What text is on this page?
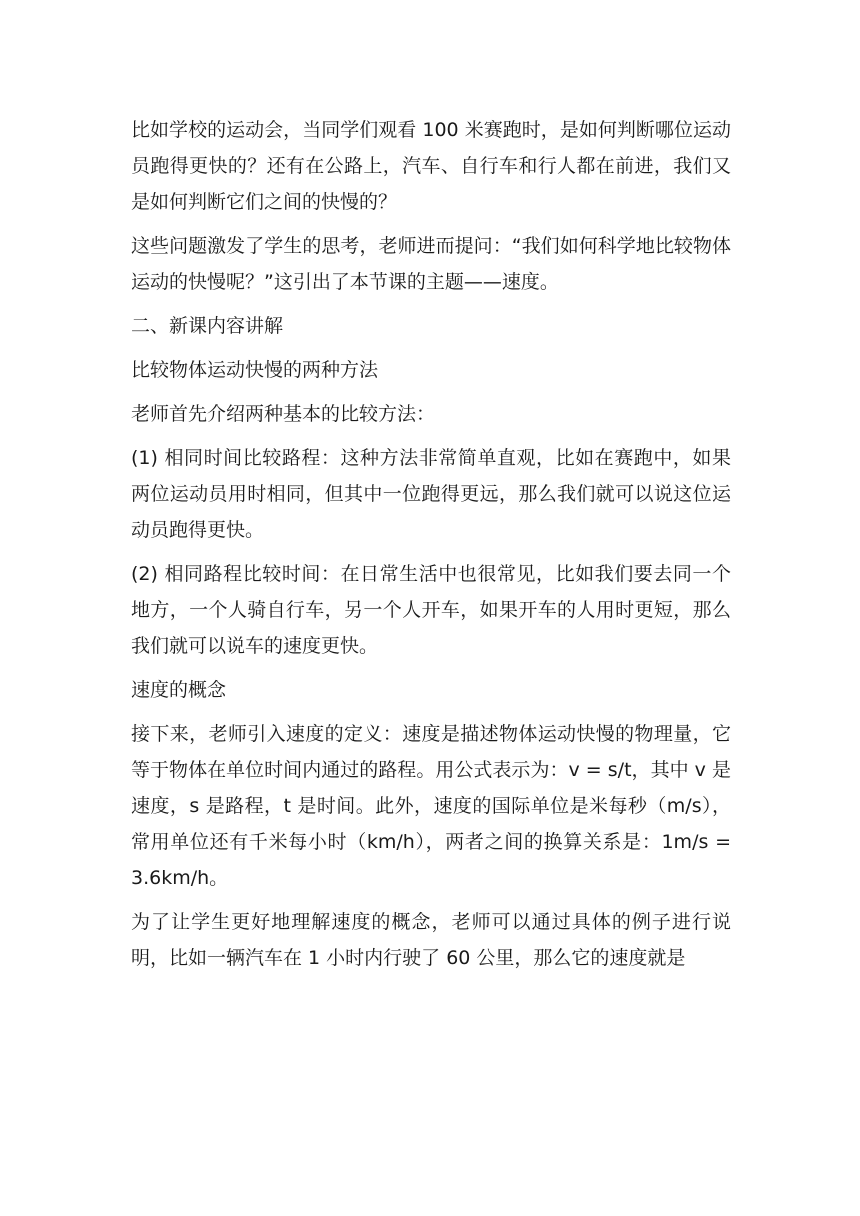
比如学校的运动会，当同学们观看 100 米赛跑时，是如何判断哪位运动员跑得更快的？还有在公路上，汽车、自行车和行人都在前进，我们又是如何判断它们之间的快慢的？

这些问题激发了学生的思考，老师进而提问：“我们如何科学地比较物体运动的快慢呢？”这引出了本节课的主题——速度。

二、新课内容讲解

比较物体运动快慢的两种方法

老师首先介绍两种基本的比较方法：

(1) 相同时间比较路程：这种方法非常简单直观，比如在赛跑中，如果两位运动员用时相同，但其中一位跑得更远，那么我们就可以说这位运动员跑得更快。

(2) 相同路程比较时间：在日常生活中也很常见，比如我们要去同一个地方，一个人骑自行车，另一个人开车，如果开车的人用时更短，那么我们就可以说车的速度更快。

速度的概念

接下来，老师引入速度的定义：速度是描述物体运动快慢的物理量，它等于物体在单位时间内通过的路程。用公式表示为：v = s/t，其中 v 是速度，s 是路程，t 是时间。此外，速度的国际单位是米每秒（m/s），常用单位还有千米每小时（km/h），两者之间的换算关系是：1m/s = 3.6km/h。

为了让学生更好地理解速度的概念，老师可以通过具体的例子进行说明，比如一辆汽车在 1 小时内行驶了 60 公里，那么它的速度就是
